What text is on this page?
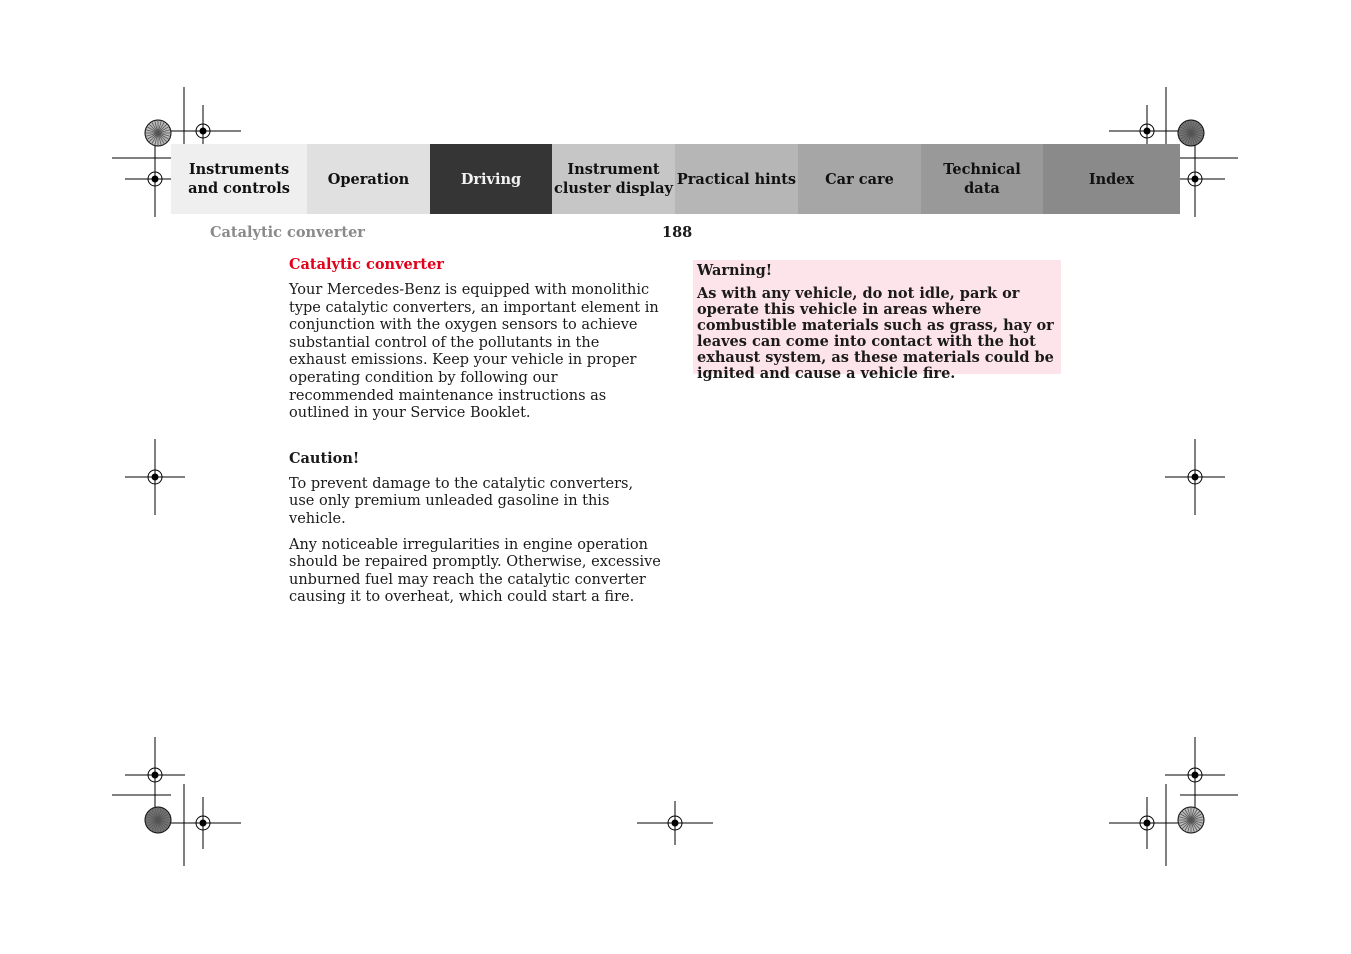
Instruments
and controls
Operation	Driving
Instrument
cluster display
Practical hints	Car care
Technical
data
Index
Catalytic converter	188
Catalytic converter

Your Mercedes-Benz is equipped with monolithic type catalytic converters, an important element in conjunction with the oxygen sensors to achieve substantial control of the pollutants in the exhaust emissions. Keep your vehicle in proper operating condition by following our recommended maintenance instructions as outlined in your Service Booklet.

Caution!

To prevent damage to the catalytic converters, use only premium unleaded gasoline in this vehicle.

Any noticeable irregularities in engine operation should be repaired promptly. Otherwise, excessive unburned fuel may reach the catalytic converter causing it to overheat, which could start a fire.

Warning!

As with any vehicle, do not idle, park or operate this vehicle in areas where combustible materials such as grass, hay or leaves can come into contact with the hot exhaust system, as these materials could be ignited and cause a vehicle fire.
